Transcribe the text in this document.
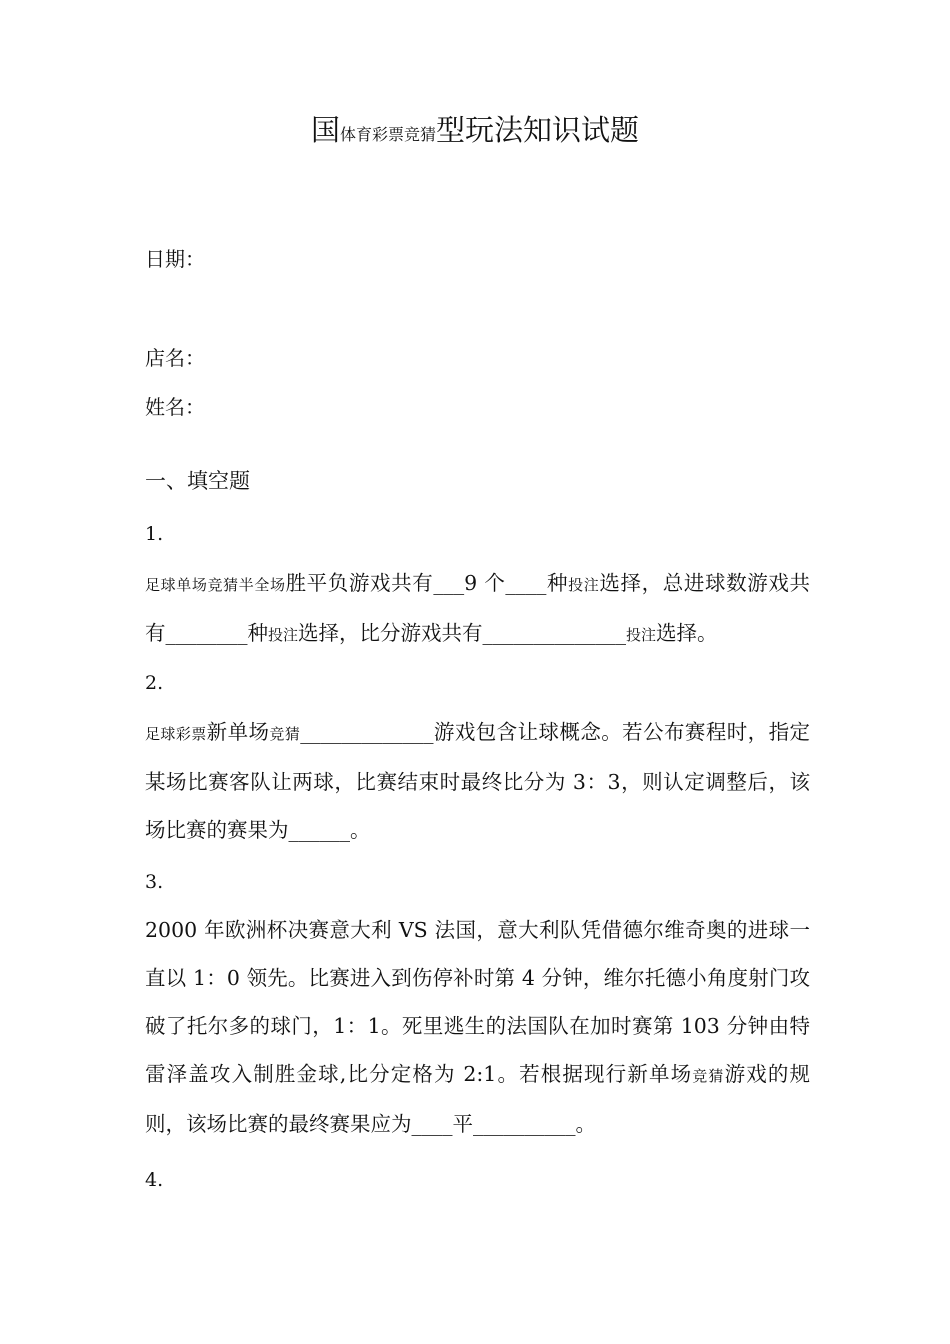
国体育彩票竞猜型玩法知识试题
日期：
店名：
姓名：
一、填空题
1.
足球单场竞猜半全场胜平负游戏共有___9 个____种投注选择，总进球数游戏共有________种投注选择，比分游戏共有______________投注选择。
2.
足球彩票新单场竞猜_____________游戏包含让球概念。若公布赛程时，指定某场比赛客队让两球，比赛结束时最终比分为 3：3，则认定调整后，该场比赛的赛果为______。
3.
2000 年欧洲杯决赛意大利 VS 法国，意大利队凭借德尔维奇奥的进球一直以 1：0 领先。比赛进入到伤停补时第 4 分钟，维尔托德小角度射门攻破了托尔多的球门，1：1。死里逃生的法国队在加时赛第 103 分钟由特雷泽盖攻入制胜金球,比分定格为 2:1。若根据现行新单场竞猜游戏的规则，该场比赛的最终赛果应为____平__________。
4.
